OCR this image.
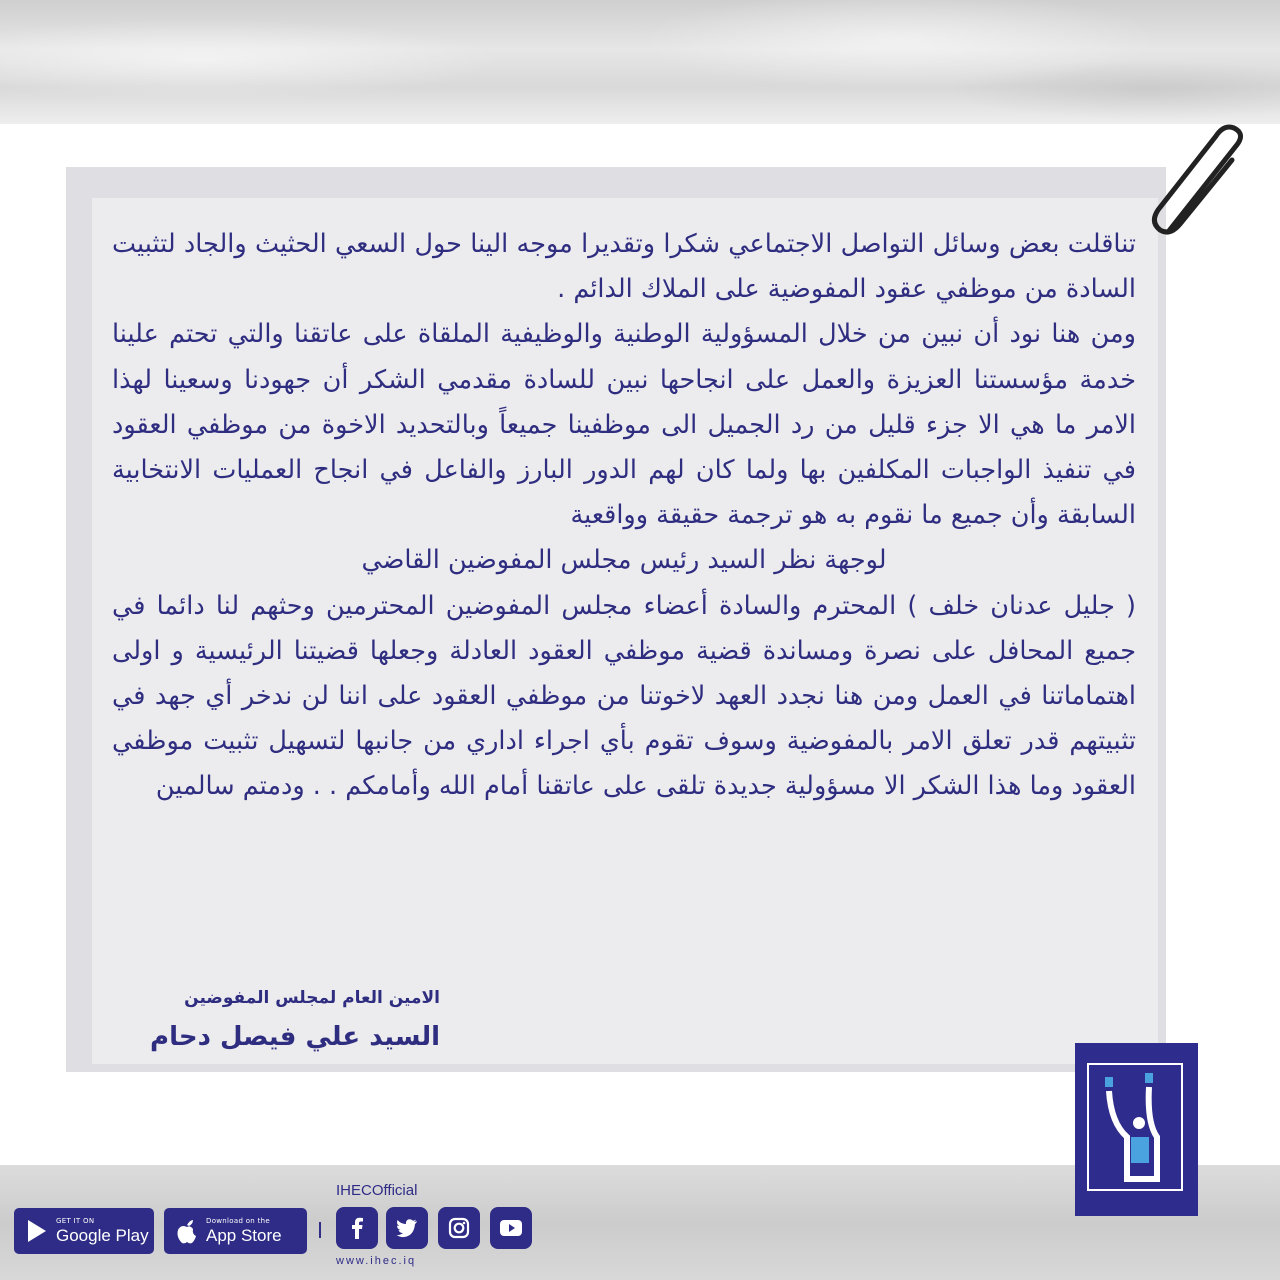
تناقلت بعض وسائل التواصل الاجتماعي شكرا وتقديرا موجه الينا حول السعي الحثيث والجاد لتثبيت السادة من موظفي عقود المفوضية على الملاك الدائم .

ومن هنا نود أن نبين من خلال المسؤولية الوطنية والوظيفية الملقاة على عاتقنا والتي تحتم علينا خدمة مؤسستنا العزيزة والعمل على انجاحها نبين للسادة مقدمي الشكر أن جهودنا وسعينا لهذا الامر ما هي الا جزء قليل من رد الجميل الى موظفينا جميعاً وبالتحديد الاخوة من موظفي العقود في تنفيذ الواجبات المكلفين بها ولما كان لهم الدور البارز والفاعل في انجاح العمليات الانتخابية السابقة وأن جميع ما نقوم به هو ترجمة حقيقة وواقعية

لوجهة نظر السيد رئيس مجلس المفوضين القاضي

( جليل عدنان خلف ) المحترم والسادة أعضاء مجلس المفوضين المحترمين وحثهم لنا دائما في جميع المحافل على نصرة ومساندة قضية موظفي العقود العادلة وجعلها قضيتنا الرئيسية و اولى اهتماماتنا في العمل ومن هنا نجدد العهد لاخوتنا من موظفي العقود على اننا لن ندخر أي جهد في تثبيتهم قدر تعلق الامر بالمفوضية وسوف تقوم بأي اجراء اداري من جانبها لتسهيل تثبيت موظفي العقود وما هذا الشكر الا مسؤولية جديدة تلقى على عاتقنا أمام الله وأمامكم . . ودمتم سالمين

الامين العام لمجلس المفوضين
السيد علي فيصل دحام
GET IT ON
Google Play
Download on the
App Store
IHECOfficial
www.ihec.iq
